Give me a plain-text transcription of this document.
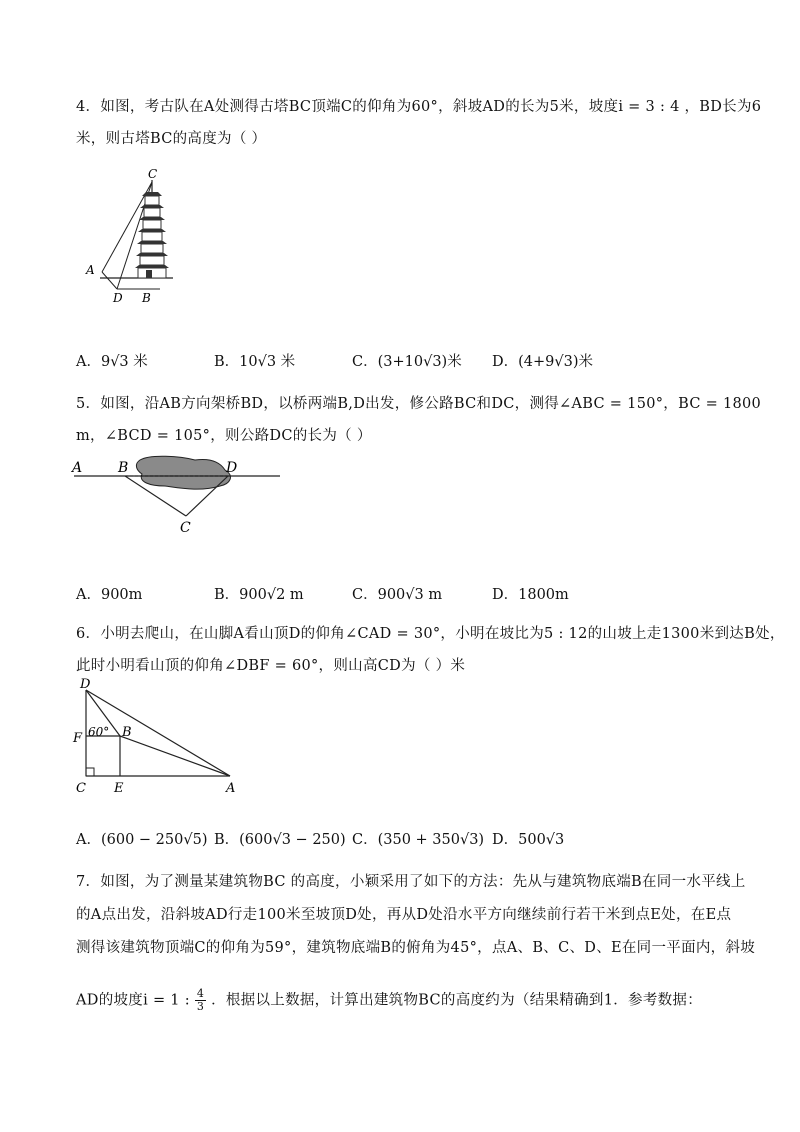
4．如图，考古队在A处测得古塔BC顶端C的仰角为60°，斜坡AD的长为5米，坡度i = 3 : 4 ，BD长为6
米，则古塔BC的高度为（ ）
C
A
D B
A．9√3 米	B．10√3 米	C．(3+10√3)米 D．(4+9√3)米
5．如图，沿AB方向架桥BD，以桥两端B,D出发，修公路BC和DC，测得∠ABC = 150°，BC = 1800
m，∠BCD = 105°，则公路DC的长为（ ）
A	B	D
C
A．900m	B．900√2 m	C．900√3 m	D．1800m
6．小明去爬山，在山脚A看山顶D的仰角∠CAD = 30°，小明在坡比为5 : 12的山坡上走1300米到达B处，
此时小明看山顶的仰角∠DBF = 60°，则山高CD为（ ）米
D
F 60° B
C E	A
A．(600 − 250√5) B．(600√3 − 250) C．(350 + 350√3) D．500√3
7．如图，为了测量某建筑物BC 的高度，小颖采用了如下的方法：先从与建筑物底端B在同一水平线上
的A点出发，沿斜坡AD行走100米至坡顶D处，再从D处沿水平方向继续前行若干米到点E处，在E点
测得该建筑物顶端C的仰角为59°，建筑物底端B的俯角为45°，点A、B、C、D、E在同一平面内，斜坡
AD的坡度i = 1 : $\frac{4}{3}$ ．根据以上数据，计算出建筑物BC的高度约为（结果精确到1．参考数据：
